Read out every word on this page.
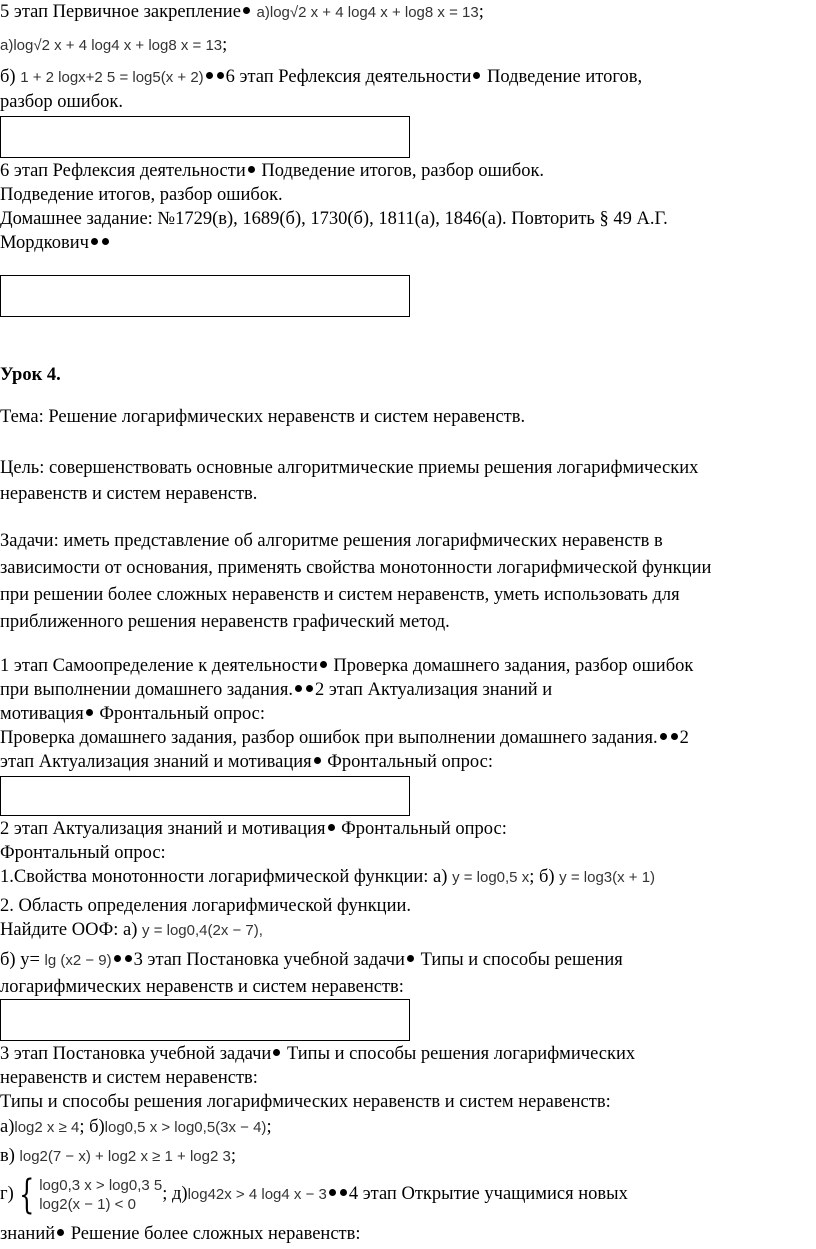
5 этап Первичное закрепление а)log√2 x + 4 log4 x + log8 x = 13;
а)log√2 x + 4 log4 x + log8 x = 13;
б) 1 + 2 logx+2 5 = log5(x + 2) 6 этап Рефлексия деятельности Подведение итогов,
разбор ошибок.
6 этап Рефлексия деятельности Подведение итогов, разбор ошибок.
Подведение итогов, разбор ошибок.
Домашнее задание: №1729(в), 1689(б), 1730(б), 1811(а), 1846(а). Повторить § 49 А.Г.
Мордкович
Урок 4.
Тема: Решение логарифмических неравенств и систем неравенств.
Цель: совершенствовать основные алгоритмические приемы решения логарифмических
неравенств и систем неравенств.
Задачи: иметь представление об алгоритме решения логарифмических неравенств в
зависимости от основания, применять свойства монотонности логарифмической функции
при решении более сложных неравенств и систем неравенств, уметь использовать для
приближенного решения неравенств графический метод.
1 этап Самоопределение к деятельности Проверка домашнего задания, разбор ошибок
при выполнении домашнего задания. 2 этап Актуализация знаний и
мотивация Фронтальный опрос:
Проверка домашнего задания, разбор ошибок при выполнении домашнего задания. 2
этап Актуализация знаний и мотивация Фронтальный опрос:
2 этап Актуализация знаний и мотивация Фронтальный опрос:
Фронтальный опрос:
1.Свойства монотонности логарифмической функции: а) y = log0,5 x; б) y = log3(x + 1)
2. Область определения логарифмической функции.
Найдите ООФ: а) y = log0,4(2x − 7),
б) y= lg (x2 − 9) 3 этап Постановка учебной задачи Типы и способы решения
логарифмических неравенств и систем неравенств:
3 этап Постановка учебной задачи Типы и способы решения логарифмических
неравенств и систем неравенств:
Типы и способы решения логарифмических неравенств и систем неравенств:
а)log2 x ≥ 4; б)log0,5 x > log0,5(3x − 4);
в) log2(7 − x) + log2 x ≥ 1 + log2 3;
г) { log0,3 x > log0,3 5
log2(x − 1) < 0
; д)log42x > 4 log4 x − 3 4 этап Открытие учащимися новых
знаний Решение более сложных неравенств:
